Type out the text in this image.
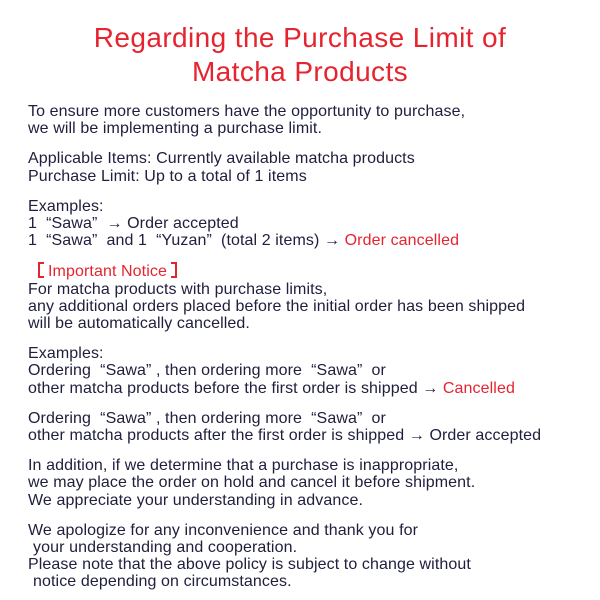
Regarding the Purchase Limit of
Matcha Products

To ensure more customers have the opportunity to purchase,
we will be implementing a purchase limit.

Applicable Items: Currently available matcha products
Purchase Limit: Up to a total of 1 items

Examples:
1  “Sawa”  → Order accepted
1  “Sawa”  and 1  “Yuzan”  (total 2 items) → Order cancelled

Important Notice
For matcha products with purchase limits,
any additional orders placed before the initial order has been shipped
will be automatically cancelled.

Examples:
Ordering  “Sawa” , then ordering more  “Sawa”  or
other matcha products before the first order is shipped → Cancelled

Ordering  “Sawa” , then ordering more  “Sawa”  or
other matcha products after the first order is shipped → Order accepted

In addition, if we determine that a purchase is inappropriate,
we may place the order on hold and cancel it before shipment.
We appreciate your understanding in advance.

We apologize for any inconvenience and thank you for
your understanding and cooperation.
Please note that the above policy is subject to change without
notice depending on circumstances.
